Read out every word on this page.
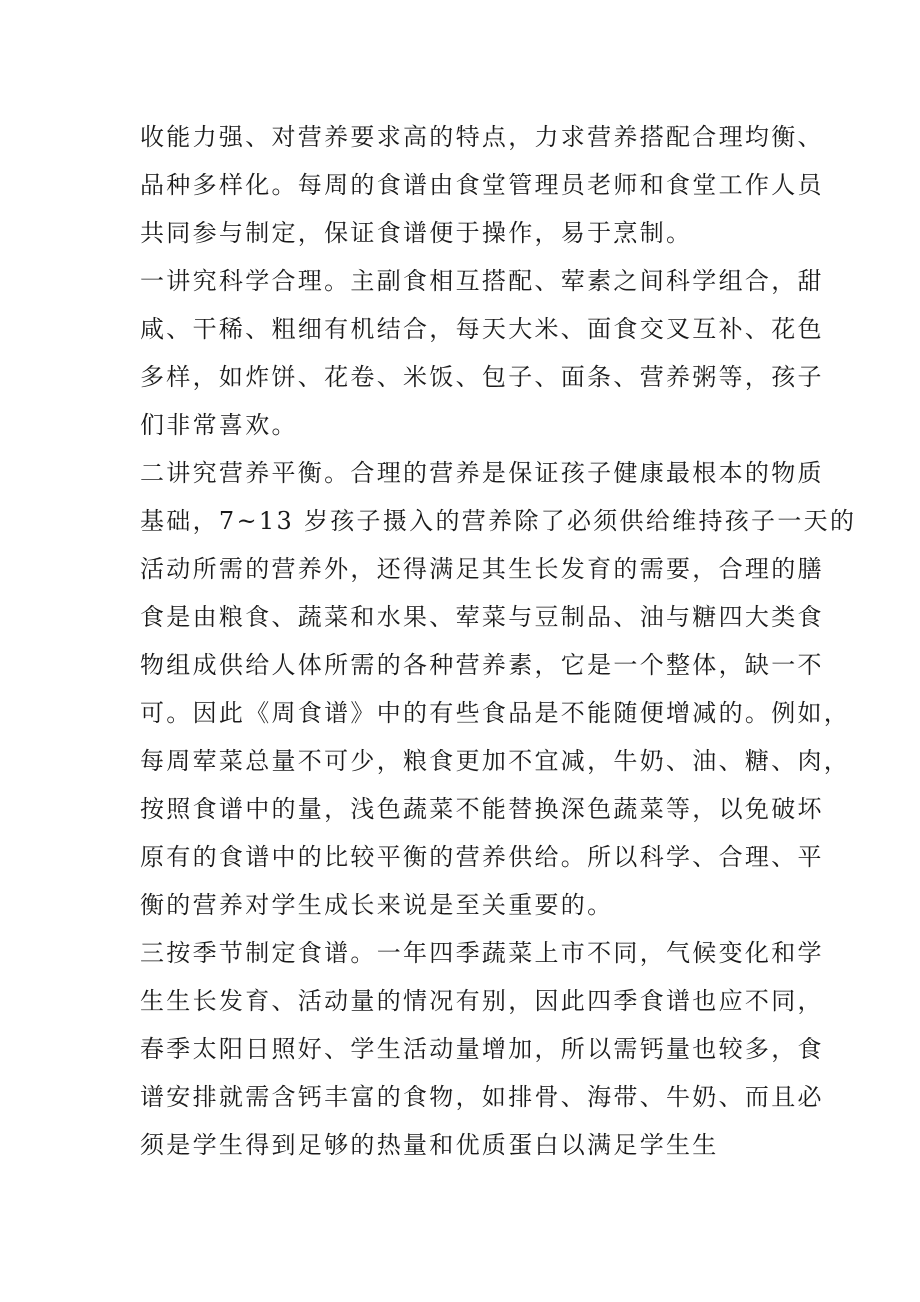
收能力强、对营养要求高的特点，力求营养搭配合理均衡、
品种多样化。每周的食谱由食堂管理员老师和食堂工作人员
共同参与制定，保证食谱便于操作，易于烹制。

一讲究科学合理。主副食相互搭配、荤素之间科学组合，甜
咸、干稀、粗细有机结合，每天大米、面食交叉互补、花色
多样，如炸饼、花卷、米饭、包子、面条、营养粥等，孩子
们非常喜欢。

二讲究营养平衡。合理的营养是保证孩子健康最根本的物质
基础，7~13 岁孩子摄入的营养除了必须供给维持孩子一天的
活动所需的营养外，还得满足其生长发育的需要，合理的膳
食是由粮食、蔬菜和水果、荤菜与豆制品、油与糖四大类食
物组成供给人体所需的各种营养素，它是一个整体，缺一不
可。因此《周食谱》中的有些食品是不能随便增减的。例如，
每周荤菜总量不可少，粮食更加不宜减，牛奶、油、糖、肉，
按照食谱中的量，浅色蔬菜不能替换深色蔬菜等，以免破坏
原有的食谱中的比较平衡的营养供给。所以科学、合理、平
衡的营养对学生成长来说是至关重要的。

三按季节制定食谱。一年四季蔬菜上市不同，气候变化和学
生生长发育、活动量的情况有别，因此四季食谱也应不同，
春季太阳日照好、学生活动量增加，所以需钙量也较多，食
谱安排就需含钙丰富的食物，如排骨、海带、牛奶、而且必
须是学生得到足够的热量和优质蛋白以满足学生生
